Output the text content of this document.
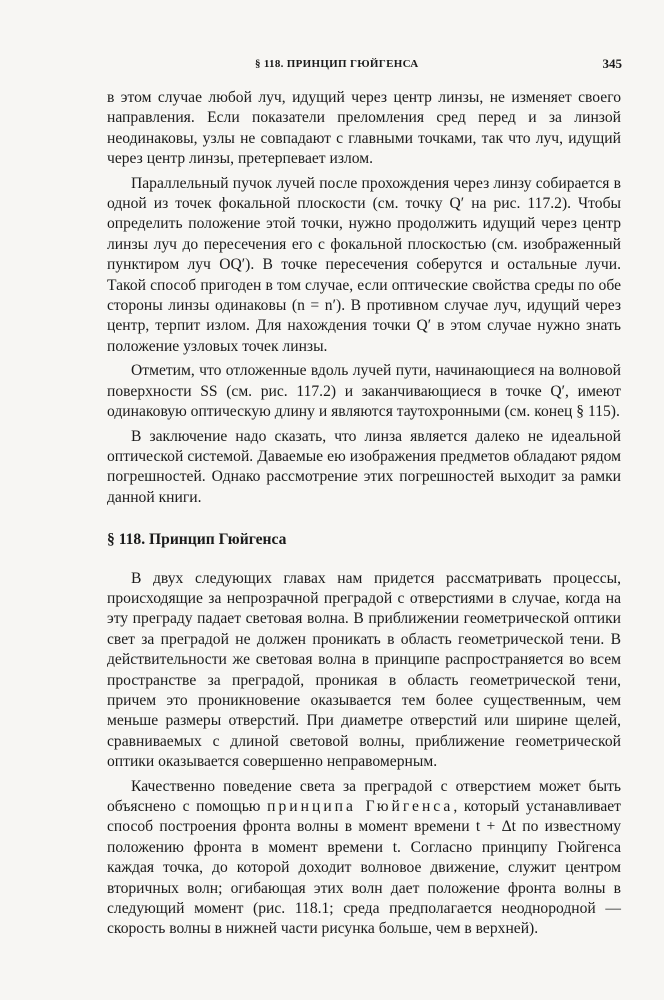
§ 118. ПРИНЦИП ГЮЙГЕНСА	345

в этом случае любой луч, идущий через центр линзы, не изменяет своего направления. Если показатели преломления сред перед и за линзой неодинаковы, узлы не совпадают с главными точками, так что луч, идущий через центр линзы, претерпевает излом.

Параллельный пучок лучей после прохождения через линзу собирается в одной из точек фокальной плоскости (см. точку Q′ на рис. 117.2). Чтобы определить положение этой точки, нужно продолжить идущий через центр линзы луч до пересечения его с фокальной плоскостью (см. изображенный пунктиром луч OQ′). В точке пересечения соберутся и остальные лучи. Такой способ пригоден в том случае, если оптические свойства среды по обе стороны линзы одинаковы (n = n′). В противном случае луч, идущий через центр, терпит излом. Для нахождения точки Q′ в этом случае нужно знать положение узловых точек линзы.

Отметим, что отложенные вдоль лучей пути, начинающиеся на волновой поверхности SS (см. рис. 117.2) и заканчивающиеся в точке Q′, имеют одинаковую оптическую длину и являются таутохронными (см. конец § 115).

В заключение надо сказать, что линза является далеко не идеальной оптической системой. Даваемые ею изображения предметов обладают рядом погрешностей. Однако рассмотрение этих погрешностей выходит за рамки данной книги.

§ 118. Принцип Гюйгенса

В двух следующих главах нам придется рассматривать процессы, происходящие за непрозрачной преградой с отверстиями в случае, когда на эту преграду падает световая волна. В приближении геометрической оптики свет за преградой не должен проникать в область геометрической тени. В действительности же световая волна в принципе распространяется во всем пространстве за преградой, проникая в область геометрической тени, причем это проникновение оказывается тем более существенным, чем меньше размеры отверстий. При диаметре отверстий или ширине щелей, сравниваемых с длиной световой волны, приближение геометрической оптики оказывается совершенно неправомерным.

Качественно поведение света за преградой с отверстием может быть объяснено с помощью принципа Гюйгенса, который устанавливает способ построения фронта волны в момент времени t + Δt по известному положению фронта в момент времени t. Согласно принципу Гюйгенса каждая точка, до которой доходит волновое движение, служит центром вторичных волн; огибающая этих волн дает положение фронта волны в следующий момент (рис. 118.1; среда предполагается неоднородной — скорость волны в нижней части рисунка больше, чем в верхней).
